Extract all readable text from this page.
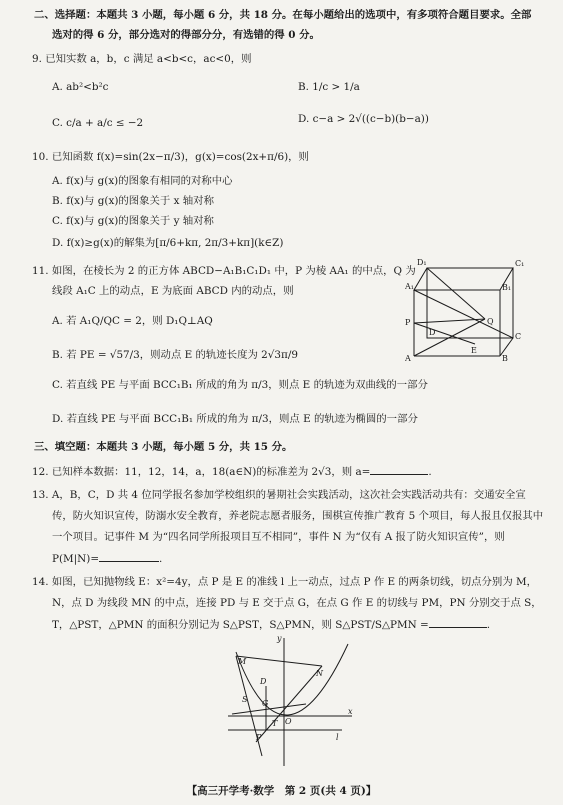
二、选择题：本题共 3 小题，每小题 6 分，共 18 分。在每小题给出的选项中，有多项符合题目要求。全部
选对的得 6 分，部分选对的得部分分，有选错的得 0 分。
9. 已知实数 a，b，c 满足 a<b<c，ac<0，则
A. ab²<b²c	B. 1/c > 1/a
C. c/a + a/c ≤ −2	D. c−a > 2√((c−b)(b−a))
10. 已知函数 f(x)=sin(2x−π/3)，g(x)=cos(2x+π/6)，则
A. f(x)与 g(x)的图象有相同的对称中心
B. f(x)与 g(x)的图象关于 x 轴对称
C. f(x)与 g(x)的图象关于 y 轴对称
D. f(x)≥g(x)的解集为[π/6+kπ, 2π/3+kπ](k∈Z)
11. 如图，在棱长为 2 的正方体 ABCD−A₁B₁C₁D₁ 中，P 为棱 AA₁ 的中点，Q 为
线段 A₁C 上的动点，E 为底面 ABCD 内的动点，则
A. 若 A₁Q/QC = 2，则 D₁Q⊥AQ
B. 若 PE = √57/3，则动点 E 的轨迹长度为 2√3π/9
C. 若直线 PE 与平面 BCC₁B₁ 所成的角为 π/3，则点 E 的轨迹为双曲线的一部分
D. 若直线 PE 与平面 BCC₁B₁ 所成的角为 π/3，则点 E 的轨迹为椭圆的一部分
D₁	C₁
A₁	B₁
P	Q
D	C
A	B
E
三、填空题：本题共 3 小题，每小题 5 分，共 15 分。
12. 已知样本数据：11，12，14，a，18(a∈N)的标准差为 2√3，则 a=	.
13. A，B，C，D 共 4 位同学报名参加学校组织的暑期社会实践活动，这次社会实践活动共有：交通安全宣
传，防火知识宣传，防溺水安全教育，养老院志愿者服务，围棋宣传推广教育 5 个项目，每人报且仅报其中
一个项目。记事件 M 为“四名同学所报项目互不相同”，事件 N 为“仅有 A 报了防火知识宣传”，则
P(M|N)=	.
14. 如图，已知抛物线 E：x²=4y，点 P 是 E 的准线 l 上一动点，过点 P 作 E 的两条切线，切点分别为 M，
N，点 D 为线段 MN 的中点，连接 PD 与 E 交于点 G，在点 G 作 E 的切线与 PM，PN 分别交于点 S，
T，△PST，△PMN 的面积分别记为 S△PST，S△PMN，则 S△PST/S△PMN =	.
y
M
D
N
S G
T O
x
P	l
【高三开学考·数学　第 2 页(共 4 页)】
